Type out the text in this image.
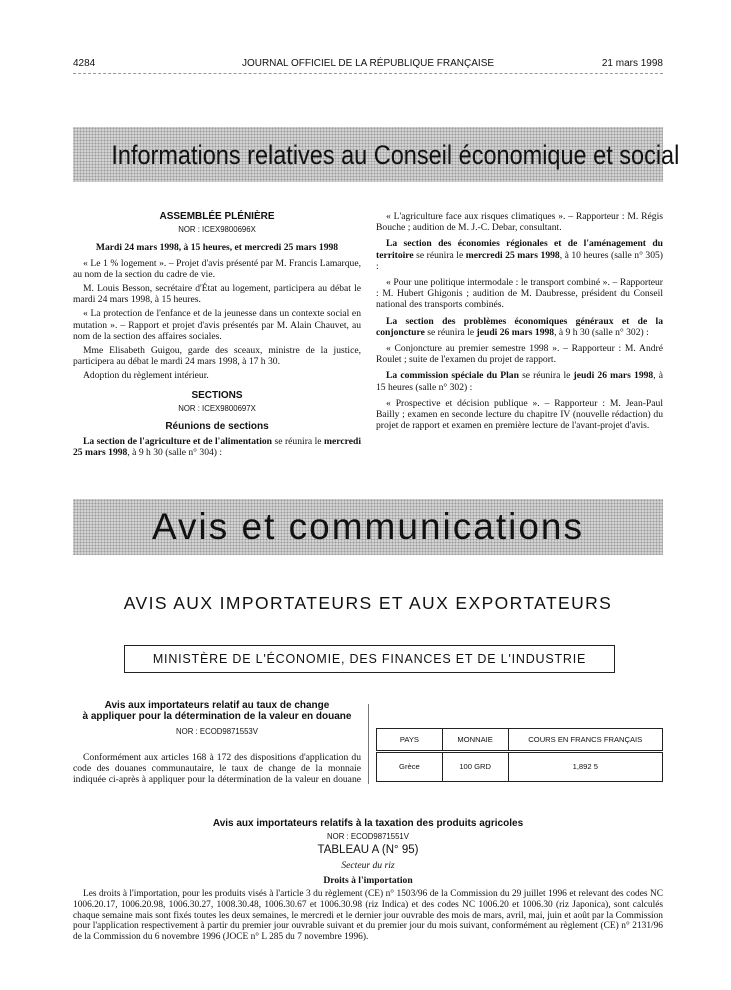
4284	JOURNAL OFFICIEL DE LA RÉPUBLIQUE FRANÇAISE	21 mars 1998
Informations relatives au Conseil économique et social
ASSEMBLÉE PLÉNIÈRE
NOR : ICEX9800696X

Mardi 24 mars 1998, à 15 heures, et mercredi 25 mars 1998

« Le 1 % logement ». – Projet d'avis présenté par M. Francis Lamarque, au nom de la section du cadre de vie.

M. Louis Besson, secrétaire d'État au logement, participera au débat le mardi 24 mars 1998, à 15 heures.

« La protection de l'enfance et de la jeunesse dans un contexte social en mutation ». – Rapport et projet d'avis présentés par M. Alain Chauvet, au nom de la section des affaires sociales.

Mme Elisabeth Guigou, garde des sceaux, ministre de la justice, participera au débat le mardi 24 mars 1998, à 17 h 30.

Adoption du règlement intérieur.

SECTIONS
NOR : ICEX9800697X
Réunions de sections

La section de l'agriculture et de l'alimentation se réunira le mercredi 25 mars 1998, à 9 h 30 (salle n° 304) :

« L'agriculture face aux risques climatiques ». – Rapporteur : M. Régis Bouche ; audition de M. J.-C. Debar, consultant.

La section des économies régionales et de l'aménagement du territoire se réunira le mercredi 25 mars 1998, à 10 heures (salle n° 305) :

« Pour une politique intermodale : le transport combiné ». – Rapporteur : M. Hubert Ghigonis ; audition de M. Daubresse, président du Conseil national des transports combinés.

La section des problèmes économiques généraux et de la conjoncture se réunira le jeudi 26 mars 1998, à 9 h 30 (salle n° 302) :

« Conjoncture au premier semestre 1998 ». – Rapporteur : M. André Roulet ; suite de l'examen du projet de rapport.

La commission spéciale du Plan se réunira le jeudi 26 mars 1998, à 15 heures (salle n° 302) :

« Prospective et décision publique ». – Rapporteur : M. Jean-Paul Bailly ; examen en seconde lecture du chapitre IV (nouvelle rédaction) du projet de rapport et examen en première lecture de l'avant-projet d'avis.

Avis et communications
AVIS AUX IMPORTATEURS ET AUX EXPORTATEURS
MINISTÈRE DE L'ÉCONOMIE, DES FINANCES ET DE L'INDUSTRIE
Avis aux importateurs relatif au taux de change
à appliquer pour la détermination de la valeur en douane
NOR : ECOD9871553V
Conformément aux articles 168 à 172 des dispositions d'application du code des douanes communautaire, le taux de change de la monnaie indiquée ci-après à appliquer pour la détermination de la valeur en douane
PAYS	MONNAIE	COURS EN FRANCS FRANÇAIS
Grèce	100 GRD	1,892 5
Avis aux importateurs relatifs à la taxation des produits agricoles
NOR : ECOD9871551V
TABLEAU A (N° 95)
Secteur du riz
Droits à l'importation

Les droits à l'importation, pour les produits visés à l'article 3 du règlement (CE) n° 1503/96 de la Commission du 29 juillet 1996 et relevant des codes NC 1006.20.17, 1006.20.98, 1006.30.27, 1008.30.48, 1006.30.67 et 1006.30.98 (riz Indica) et des codes NC 1006.20 et 1006.30 (riz Japonica), sont calculés chaque semaine mais sont fixés toutes les deux semaines, le mercredi et le dernier jour ouvrable des mois de mars, avril, mai, juin et août par la Commission pour l'application respectivement à partir du premier jour ouvrable suivant et du premier jour du mois suivant, conformément au règlement (CE) n° 2131/96 de la Commission du 6 novembre 1996 (JOCE n° L 285 du 7 novembre 1996).
